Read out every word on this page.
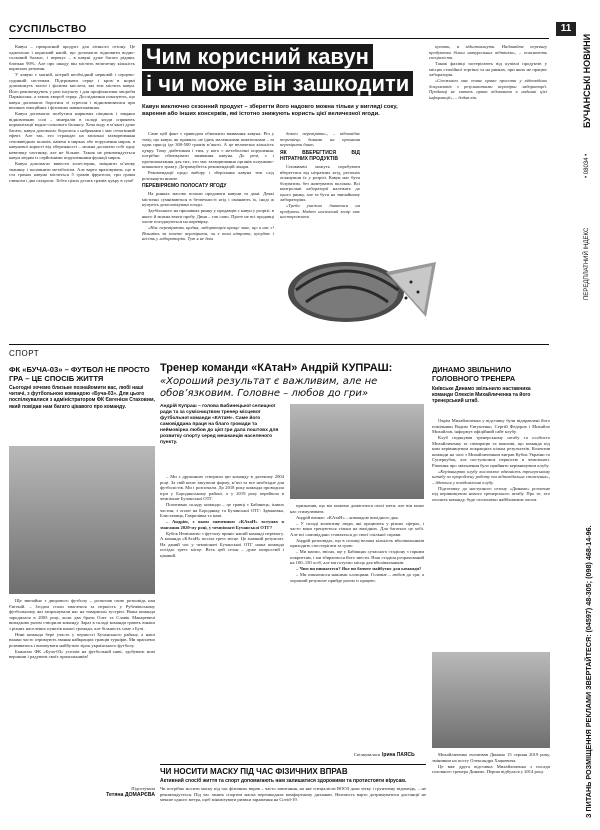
СУСПІЛЬСТВО	11

Кавун – прекрасний продукт для літнього сезону. Це одночасно і корисний напій, що допомагає відновити водно-сольовий баланс, і перекус – в кавуні дуже багато рідини, близько 90%. Але про шкоду він містить величезну кількість корисних речовин.

У кавуні є магній, котрий необхідний нервовій і серцево-судинній системам. Підтримати серце і кров в нормі допоможуть залізо і фолієва кислота, які теж містить кавун. Його рекомендують у разі інсульту і для профілактики хвороби Паркінсона, а також хвороб серця. Дослідження показують, що кавун допомагає боротися зі стресом і відновлюватися при великих емоційних і фізичних навантаженнях.

Кавун допомагає позбутися ниркових піщинок і завдяки відновленню солі – мінералів в складі ягоди сприяють нормалізації водно-сольового балансу. Хоча воду в м’якоті дуже багато, кавун допомагає боротися з набряками і має сечогінний ефект. Але так, хто страждає на запальні захворювання сечовивідних шляхів, камені в нирках або порушення нирок, в кавунової користі від обережності – можна досипати собі одну невелику частинку, але не більше. Також не рекомендується кавун людям із серйозними порушеннями функції нирок.

Кавун допомагає вивести холестерин, зміцнити м’язову тканину і поповнити метаболізм. Але варто враховувати, що в ста грамах кавуна міститься 5 грамів фруктози, три грами глюкози і два сахарози. Тобто цілих десять грамів цукру в сумі!

Чим корисний кавун і чи може він зашкодити
Кавун виключно сезонний продукт – зберегти його надовго можна тільки у вигляді соку, варення або інших консервів, які істотно знижують користь цієї величезної ягоди.

Саме цей факт є приводом обмежити вживання кавуна. Річ у тому, що кавун, як правило, не їдять маленькими шматочками – за один присід їде 300-500 грамів м’якоті. А це величезна кількість цукру. Тому діабетикам і тим, у кого є метаболічні порушення, потрібно обмежувати вживання кавуна. До речі, є і протипоказання для тих, хто має захворювання органів шлунково-кишкового тракту. Дотримуйтесь рекомендацій лікаря.

Рекомендації щодо вибору і зберігання кавуна теж слід розглянути нижче.

ПЕРЕВІРЯЄМО ПОЛОСАТУ ЯГОДУ

На ринках масово почали продавати кавуни та дині. Деякі містичні сумніваються в безпечності ягід і оманають їх, іноді ж купують довгоочікувані плоди.

Здебільшого на прилавках ринку у продавців є кавун у розрізі, в якого й можна взяти пробу. Диня – так само. Проте не всі продавці охоче погоджуються на перевірку.

«Нас перевіряють щодня, лабораторія краще знає, що в нас є! Візьміть за хочете перевірити, чи є там нітрати, купуйте і несіть у лабораторію. Тут я не дам

дозвіл перевіряти», – відповідає торговець динями на прохання перевірити диню.

ЯК ВБЕРЕГТИСЯ ВІД НІТРАТНИХ ПРОДУКТІВ

Споживачі можуть спробувати вберегтися від нітратних ягід, регіонах оглянувши їх у розрізі. Кавун має бути білуватим, без жовтуватих волокон. Всі контрольні лабораторії належать до цього ринку, але за бути на звичайному лабораторіях.

«Треба уважно дивитися на продукти. Надто насичений колір має насторожити

купити, а відштовхнути. Надавайте перевагу продуктам більш натуральних відтінків», – пояснюють спеціалісти.

Також фахівці застерігають від купівлі продуктів у місцях стихійної торгівлі та на ринках, при яких не працює лабораторія.

«Споживач має повне право просити у відповідних документів з результатами перевірки лабораторії. Продавці не мають права відмовити в наданні цієї інформації», – додав він.

СПОРТ
ФК «БУЧА-03» – ФУТБОЛ НЕ ПРОСТО ГРА – ЦЕ СПОСІБ ЖИТТЯ
Сьогодні хочемо близьке познайомити вас, любі наші читачі, з футбольною командою «Буча-03». Для цього поспілкувалися з адміністратором ФК Євгенієм Стаховим, який повідав нам багато цікавого про команду.

Ще звичайно з дворового футболу – розпочав свою розповідь пан Євгеній. – Згодом стали змагатися за першість у Рубежівському футбольному, які запрошували нас на товариські зустрічі. Наша команда зародилася в 2003 році, коли два брати Олег та Славік Макаревичі випадково разом створили команду. Зараз в складі команди грають юнаки з різних населених пунктів нашої громади, але більшість саме з Бучі.

Нині команда бере участь у першості Бучанського району, а наші юнаки часто отримують звання найкращих гравців турнірів. Ми прагнемо розвиватись і виховувати майбутніх зірок українського футболу.

Бажаємо ФК «Буча-03» успіхів на футбольній ниві, здобувати нові вершини і радувати своїх прихильників!

Підготувала
Тетяна ДОМАРЄВА
Тренер команди «КАтаН» Андрій КУПРАШ:
«Хороший результат є важливим, але не обов’язковим. Головне – любов до гри»
Андрій Купраш – голова Бабинецької селищної ради та за сумісництвом тренер місцевої футбольної команди «КАтаН». Саме його самовіддана праця на благо громади та неймовірна любов до цієї гри дала поштовх для розвитку спорту серед мешканців населеного пункту.

– Ми з дружиною створили цю команду в далекому 2004 році. За свій кошт закупили форму, м’ячі та все необхідне для футболістів. Ми і розпочали. До 2018 року команда проводила ігри у Бородянському районі, а у 2019 році перейшла в чемпіонат Бучанської ОТГ.

Позитивно складу команди – це гравці з Бабинець, інших частин, з оплат на Бородянку та Бучанської ОТГ: Здвижівка, Блиставиця, Гаврилівка та інші.

– Андрію, з яким значенням «КАтаН» вступав в змагання 2020-му році, у чемпіонаті Бучанської ОТГ?

Кубок Немішаєво з футзалу приніс нашій команді перемогу. А команда «КАтаН» посіла третє місце. Це значний результат. На даний час у чемпіонаті Бучанської ОТГ наша команда посідає третє місце. Весь цей сезон – дуже непростий і цікавий.

призначив, що ми можемо домагатися своєї мети, але він може нас стимулювати.

Андрій визнає: «КАтаН» – командою вихідного дня.

– У складі колективу люди, які працюють у різних сферах, і часто вони тренуються тільки на вихідних. Для багатьох це хобі. Але всі самовіддано ставляться до своєї спільної справи.

Андрій розповідає, що в селищі велика кількість вболівальників приходить спостерігати за грою.

– Ми маємо, звісно, ще у Бабинцях сучасного стадіону з гарним покриттям, і ми збираємося його звести. Наш стадіон розрахований на 100–150 осіб, але ми готуємо місця для вболівальників.

– Чим ви пишаєтеся? Яке ви бачите майбутнє для команди?

– Ми пишаємося нашими хлопцями. Головне – любов до гри, а хороший результат прийде разом із працею.

Спілкувалася Ірина ПАЯСЬ
ЧИ НОСИТИ МАСКУ ПІД ЧАС ФІЗИЧНИХ ВПРАВ
Активний спосіб життя та спорт допомагають нам залишатися здоровими та протистояти вірусам.
Чи потрібно носити маску під час фізичних вправ – часто запитання, на яке спеціалісти ВООЗ дали чітку і грунтовну відповідь, – не рекомендується. Під час занять спортом маска перешкоджає комфортному диханню. Натомість варто дотримуватися дистанції не менше одного метра, щоб мінімізувати ризики зараження на Covid-19.
ДИНАМО ЗВІЛЬНИЛО ГОЛОВНОГО ТРЕНЕРА
Київське Динамо звільнило наставника команди Олексія Михайличенка та його тренерський штаб.

Окрім Михайличенка у відставку були відправлені його помічники Вадим Євтушенко, Сергій Федоров і Михайло Михайлов, інформує офіційний сайт клубу.

Клуб подякував тренерському штабу та особисто Михайличенку за співпрацю та важливі, що команда під ним керівництвом покращила кілька результатів. Колектив команди на чолі з Михайличенком виграв Кубок України та Суперкубок, але поступилися першістю в чемпіонаті. Рішення про звільнення було прийнято керівництвом клубу.

«Керівництво клубу висловлює вдячність тренерському штабу за пророблену роботу та відповідальне ставлення», – йдеться у повідомленні клубу.

Підготовку до наступного сезону «Динамо» розпочне під керівництвом нового тренерського штабу. Про те, хто очолить команду, буде оголошено найближчим часом.

Михайличенко очолював Динамо 15 серпня 2019 року, змінивши на посту Олександра Хацкевича.

Це вже друга відставка Михайличенка з посади головного тренера Динамо. Перша відбулася у 2014 році.

БУЧАНСЬКІ НОВИНИ
• 08034 •
ПЕРЕДПЛАТНИЙ ІНДЕКС
З ПИТАНЬ РОЗМІЩЕННЯ РЕКЛАМИ ЗВЕРТАЙТЕСЯ: (04597) 48-305; (098) 468-14-96.
